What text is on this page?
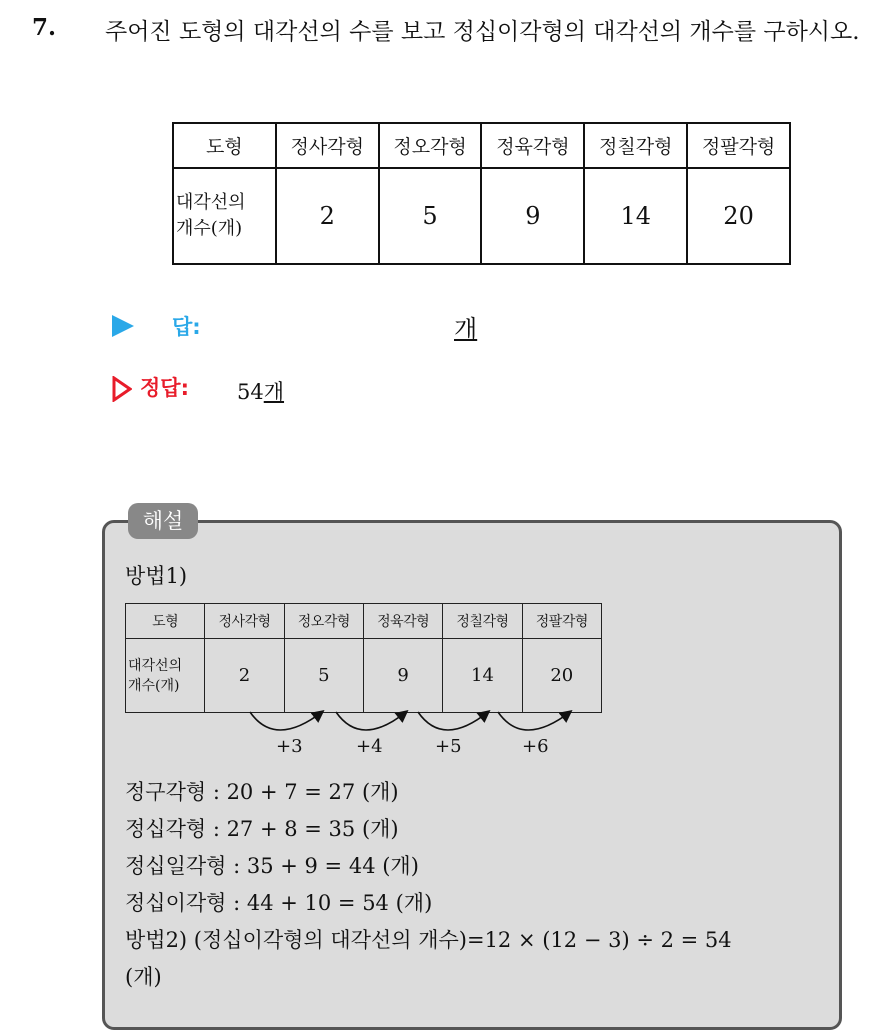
7. 주어진 도형의 대각선의 수를 보고 정십이각형의 대각선의 개수를 구하시오.
도형	정사각형	정오각형	정육각형	정칠각형	정팔각형
대각선의
개수(개)	2	5	9	14	20
답:	개
정답: 54개
해설
방법1)
도형	정사각형	정오각형	정육각형	정칠각형	정팔각형
대각선의
개수(개)	2	5	9	14	20
+3	+4	+5	+6
정구각형 : 20 + 7 = 27 (개)
정십각형 : 27 + 8 = 35 (개)
정십일각형 : 35 + 9 = 44 (개)
정십이각형 : 44 + 10 = 54 (개)
방법2) (정십이각형의 대각선의 개수)=12 × (12 − 3) ÷ 2 = 54
(개)
